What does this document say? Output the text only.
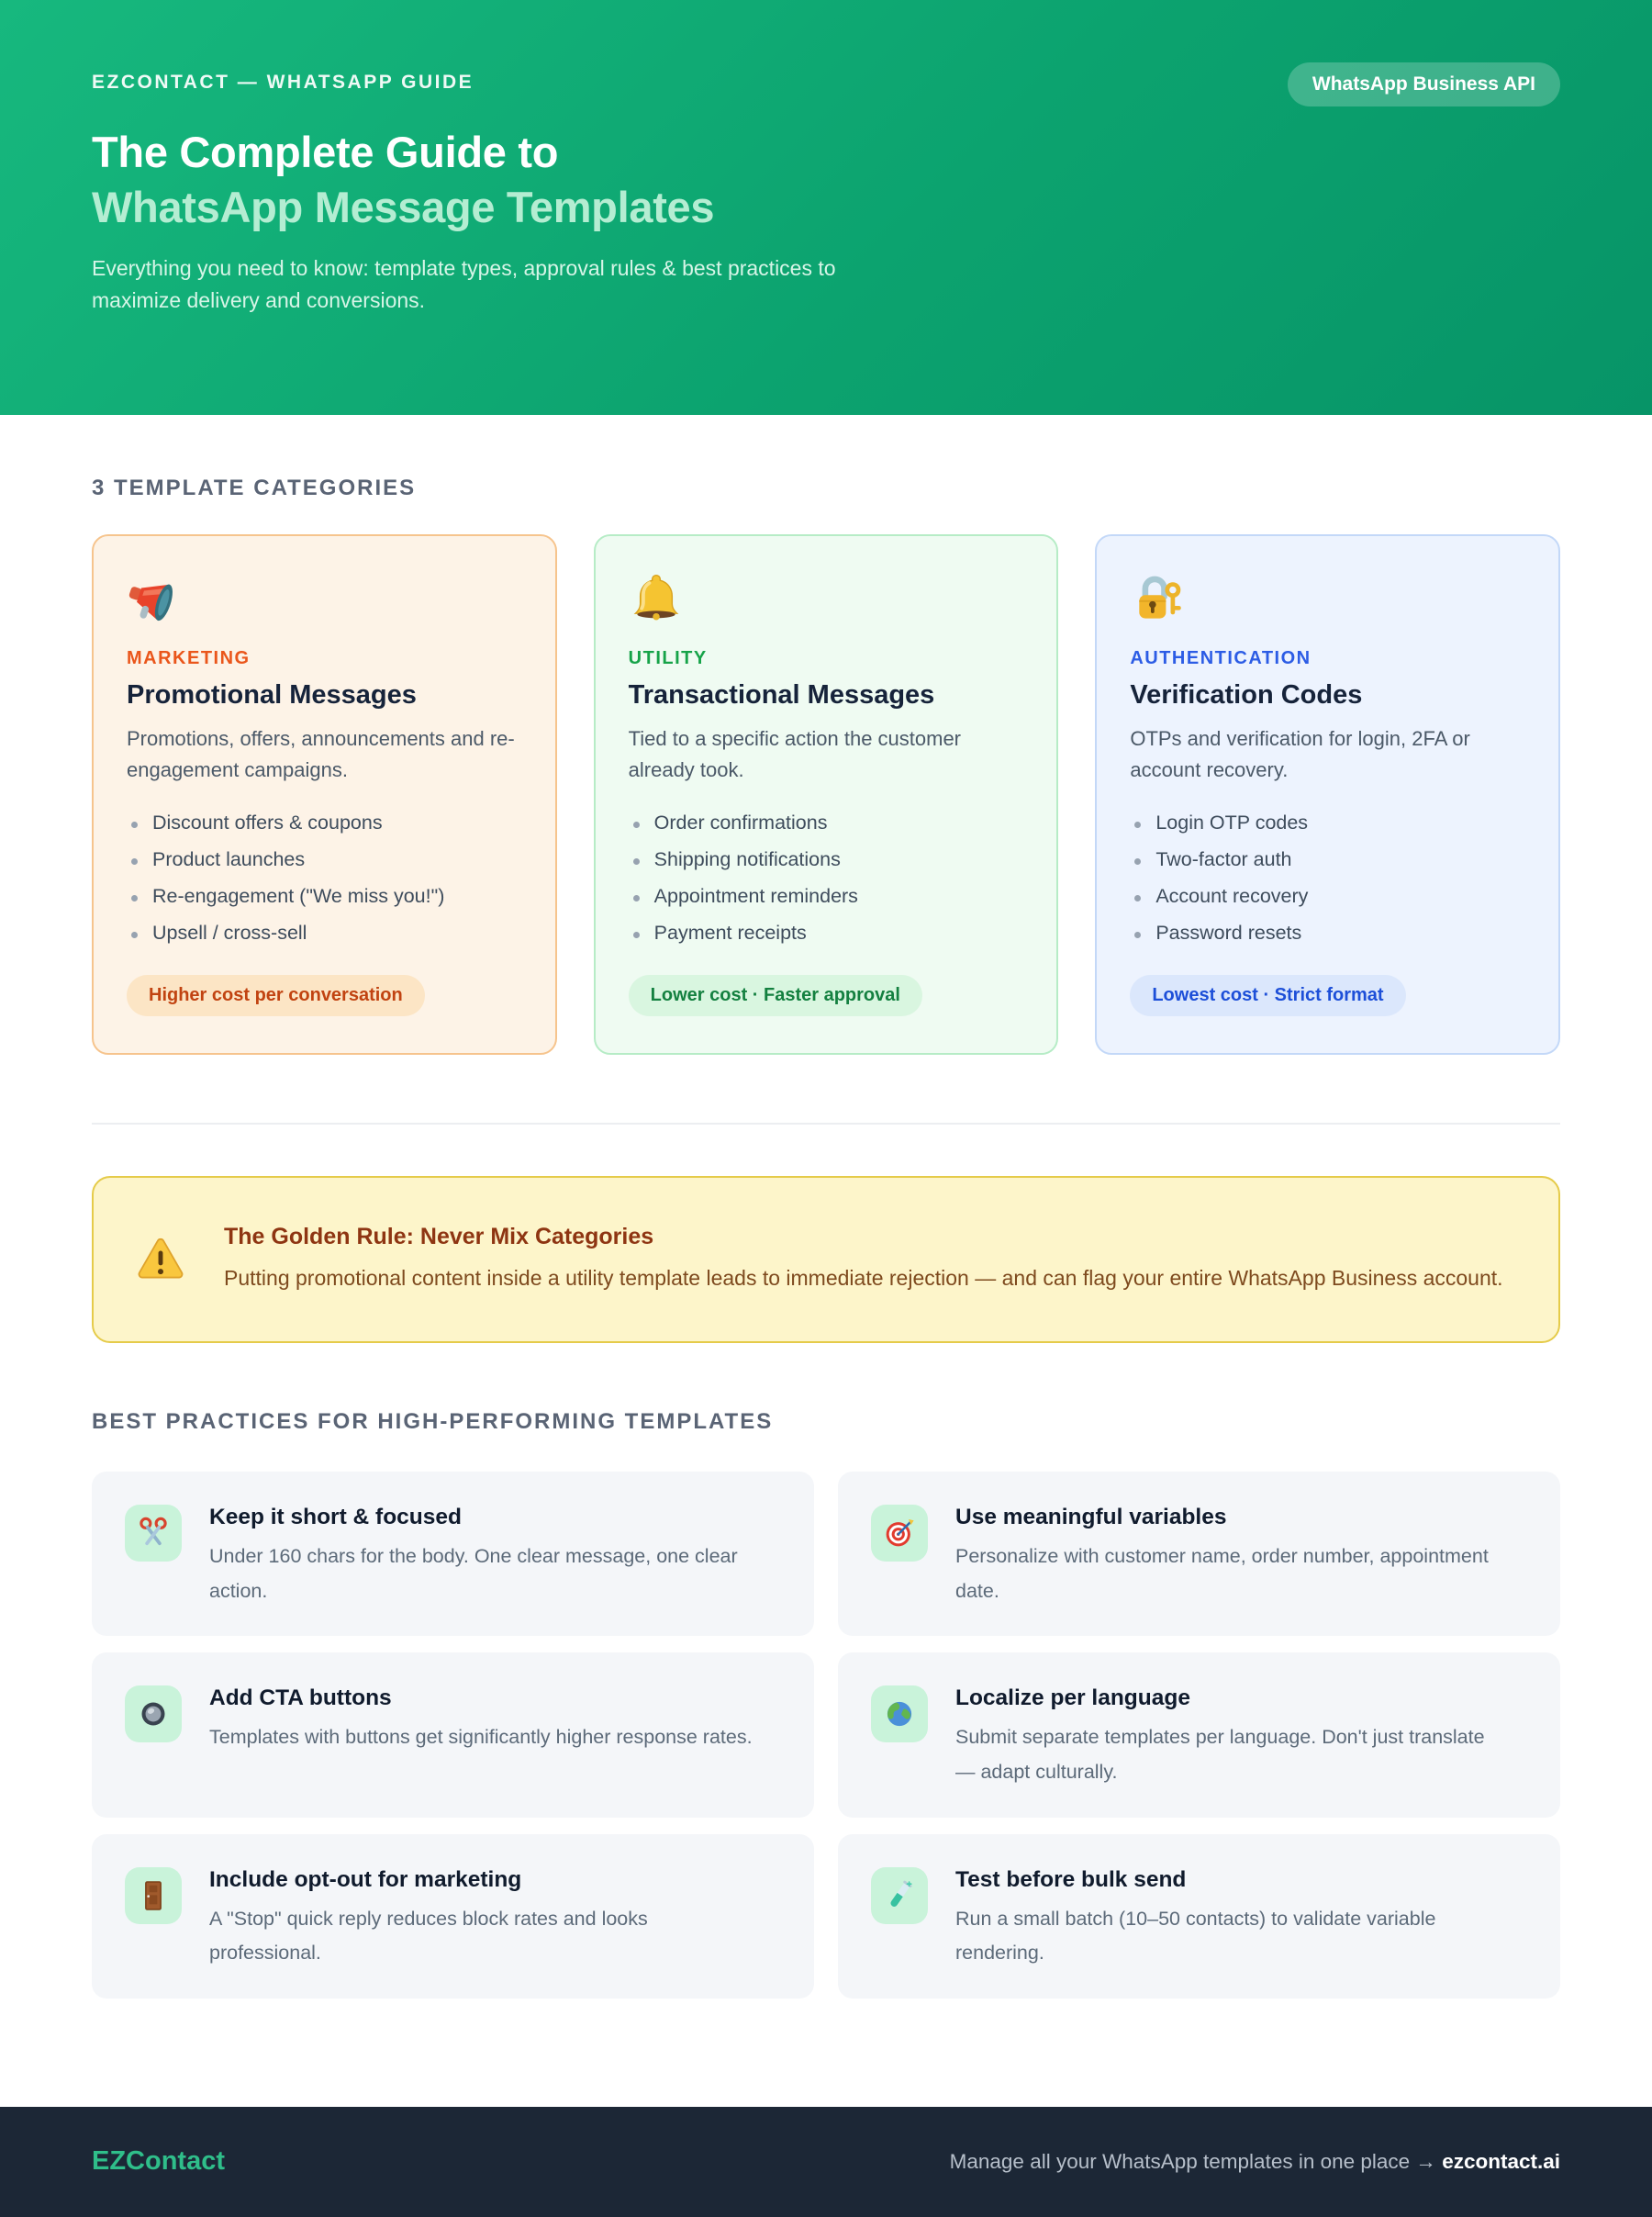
EZCONTACT — WHATSAPP GUIDE	WhatsApp Business API
The Complete Guide to
WhatsApp Message Templates

Everything you need to know: template types, approval rules & best practices to maximize delivery and conversions.

3 TEMPLATE CATEGORIES
MARKETING
Promotional Messages

Promotions, offers, announcements and re-engagement campaigns.

Discount offers & coupons
Product launches
Re-engagement ("We miss you!")
Upsell / cross-sell
Higher cost per conversation
UTILITY
Transactional Messages

Tied to a specific action the customer already took.

Order confirmations
Shipping notifications
Appointment reminders
Payment receipts
Lower cost · Faster approval
AUTHENTICATION
Verification Codes

OTPs and verification for login, 2FA or account recovery.

Login OTP codes
Two-factor auth
Account recovery
Password resets
Lowest cost · Strict format
The Golden Rule: Never Mix Categories

Putting promotional content inside a utility template leads to immediate rejection — and can flag your entire WhatsApp Business account.

BEST PRACTICES FOR HIGH-PERFORMING TEMPLATES
Keep it short & focused

Under 160 chars for the body. One clear message, one clear action.

Use meaningful variables

Personalize with customer name, order number, appointment date.

Add CTA buttons

Templates with buttons get significantly higher response rates.

Localize per language

Submit separate templates per language. Don't just translate — adapt culturally.

Include opt-out for marketing

A "Stop" quick reply reduces block rates and looks professional.

Test before bulk send

Run a small batch (10–50 contacts) to validate variable rendering.

EZContact	Manage all your WhatsApp templates in one place → ezcontact.ai
